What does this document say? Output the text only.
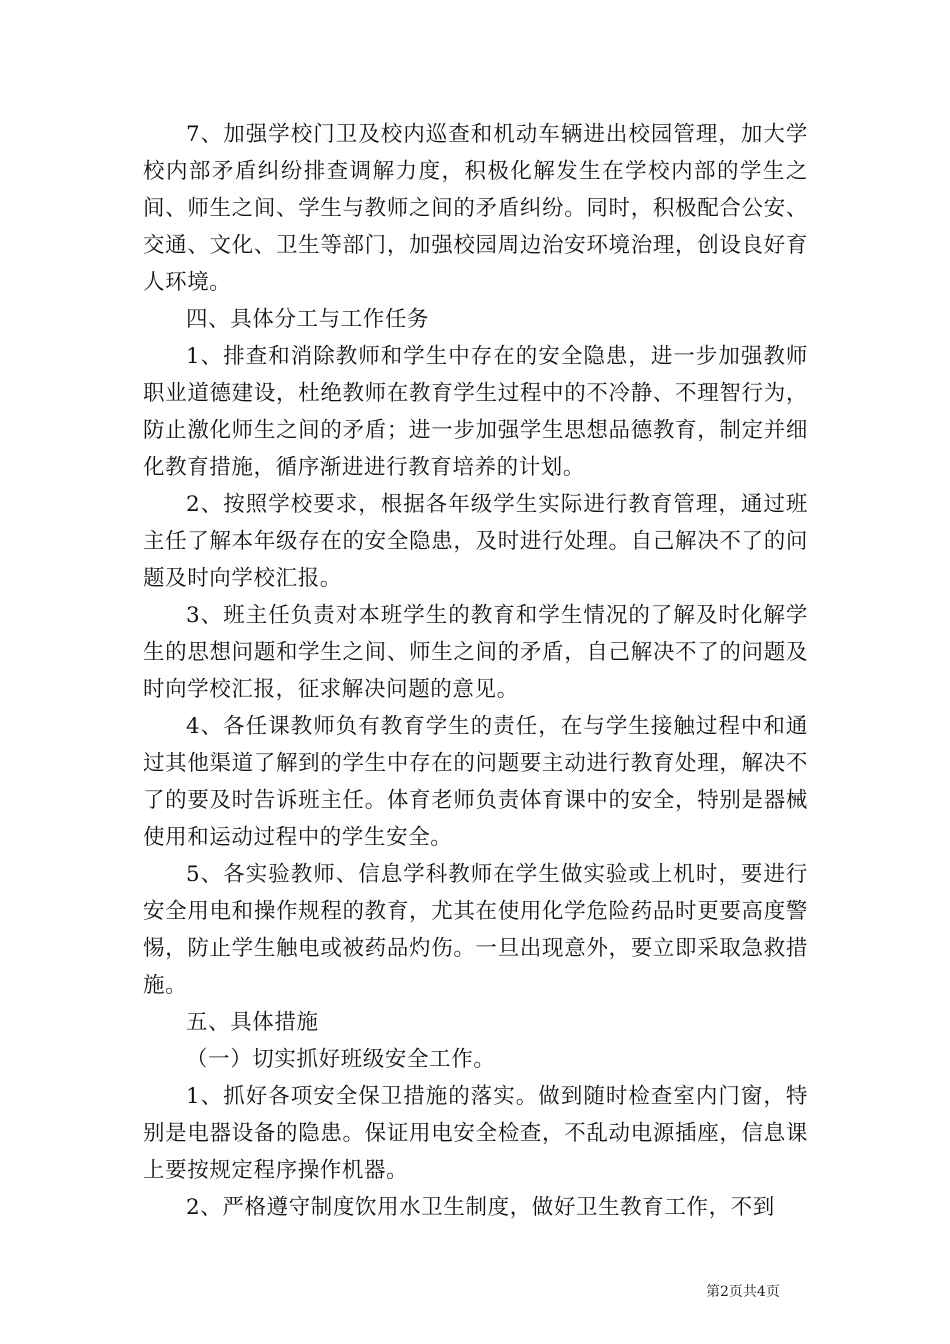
7、加强学校门卫及校内巡查和机动车辆进出校园管理，加大学校内部矛盾纠纷排查调解力度，积极化解发生在学校内部的学生之间、师生之间、学生与教师之间的矛盾纠纷。同时，积极配合公安、交通、文化、卫生等部门，加强校园周边治安环境治理，创设良好育人环境。

四、具体分工与工作任务

1、排查和消除教师和学生中存在的安全隐患，进一步加强教师职业道德建设，杜绝教师在教育学生过程中的不冷静、不理智行为，防止激化师生之间的矛盾；进一步加强学生思想品德教育，制定并细化教育措施，循序渐进进行教育培养的计划。

2、按照学校要求，根据各年级学生实际进行教育管理，通过班主任了解本年级存在的安全隐患，及时进行处理。自己解决不了的问题及时向学校汇报。

3、班主任负责对本班学生的教育和学生情况的了解及时化解学生的思想问题和学生之间、师生之间的矛盾，自己解决不了的问题及时向学校汇报，征求解决问题的意见。

4、各任课教师负有教育学生的责任，在与学生接触过程中和通过其他渠道了解到的学生中存在的问题要主动进行教育处理，解决不了的要及时告诉班主任。体育老师负责体育课中的安全，特别是器械使用和运动过程中的学生安全。

5、各实验教师、信息学科教师在学生做实验或上机时，要进行安全用电和操作规程的教育，尤其在使用化学危险药品时更要高度警惕，防止学生触电或被药品灼伤。一旦出现意外，要立即采取急救措施。

五、具体措施

（一）切实抓好班级安全工作。

1、抓好各项安全保卫措施的落实。做到随时检查室内门窗，特别是电器设备的隐患。保证用电安全检查，不乱动电源插座，信息课上要按规定程序操作机器。

2、严格遵守制度饮用水卫生制度，做好卫生教育工作，不到

第2页共4页
